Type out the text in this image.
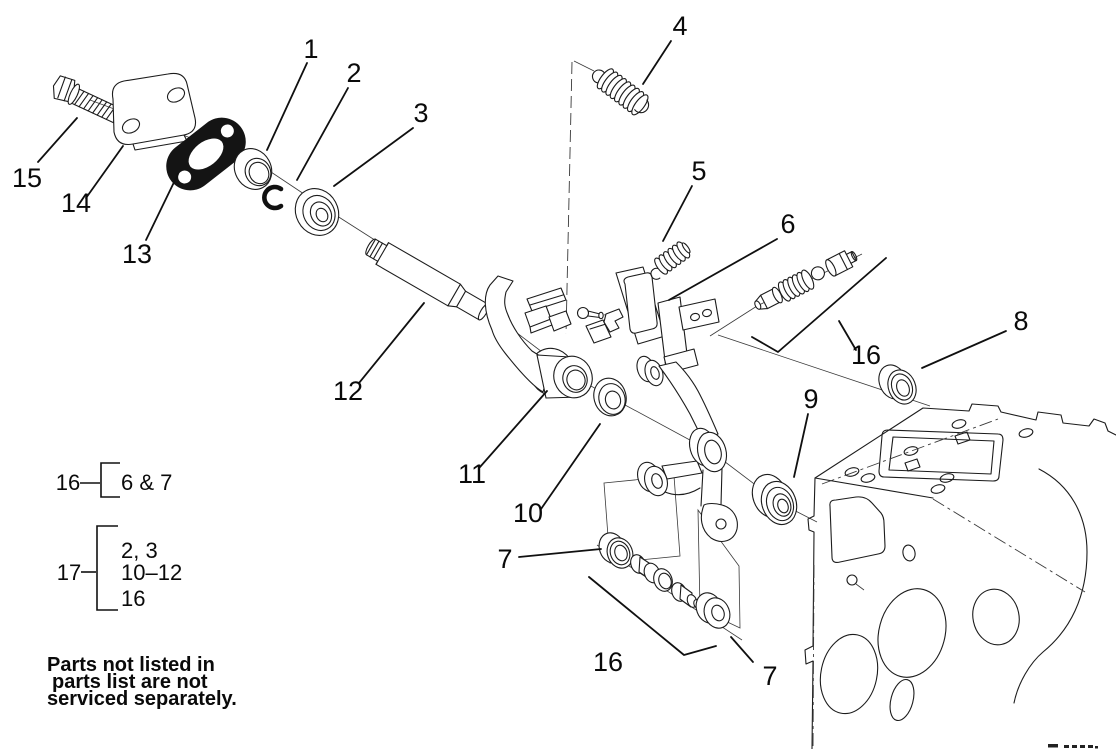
1
2
3
4
5
6
7
7
8
9
10
11
12
13
14
15
16
16
16 6 & 7
17
2, 3
10–12
16
Parts not listed in
parts list are not
serviced separately.
